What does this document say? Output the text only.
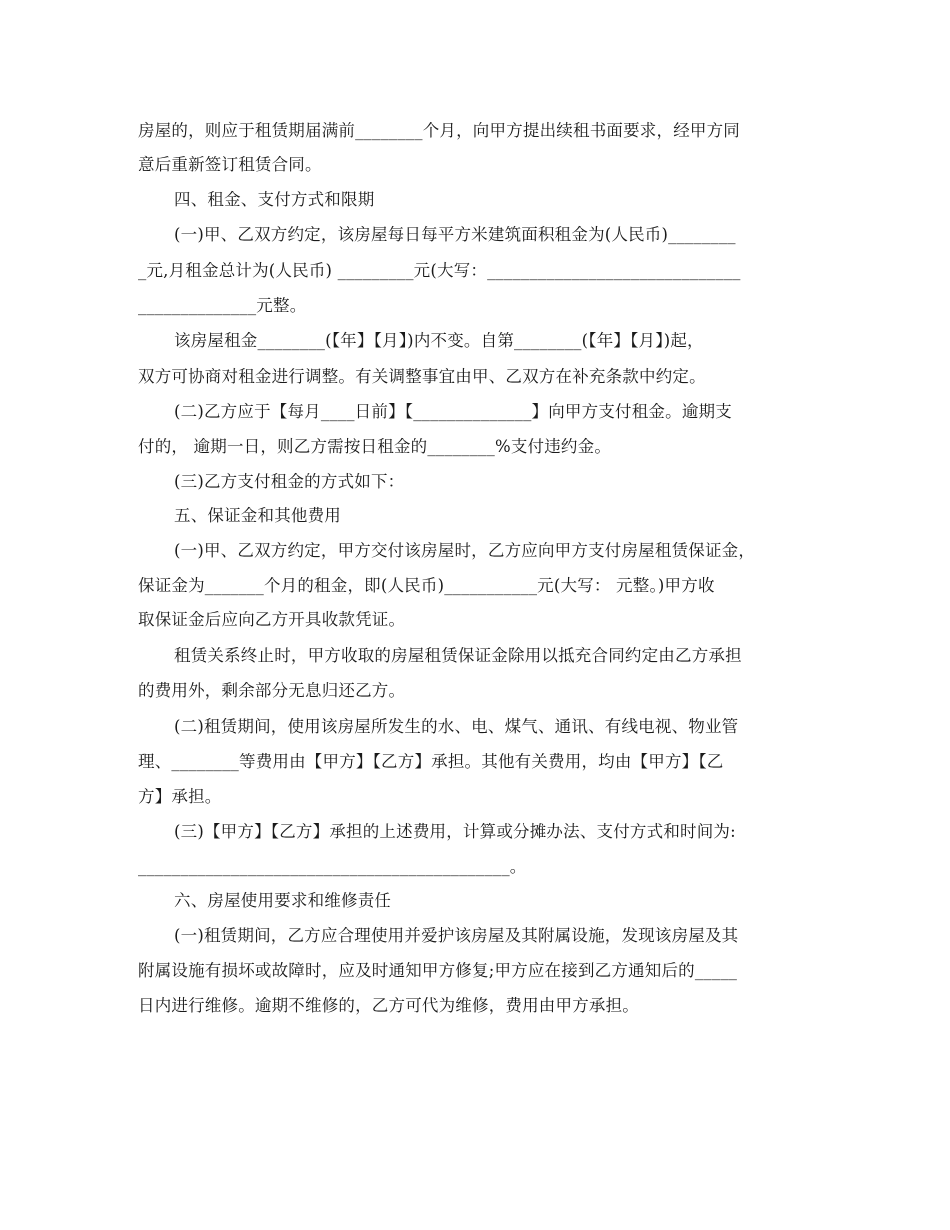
房屋的，则应于租赁期届满前________个月，向甲方提出续租书面要求，经甲方同
意后重新签订租赁合同。
四、租金、支付方式和限期
(一)甲、乙双方约定，该房屋每日每平方米建筑面积租金为(人民币)________
_元,月租金总计为(人民币) _________元(大写：______________________________
______________元整。
该房屋租金________(【年】【月】)内不变。自第________(【年】【月】)起，
双方可协商对租金进行调整。有关调整事宜由甲、乙双方在补充条款中约定。
(二)乙方应于【每月____日前】【______________】向甲方支付租金。逾期支
付的， 逾期一日，则乙方需按日租金的________%支付违约金。
(三)乙方支付租金的方式如下：
五、保证金和其他费用
(一)甲、乙双方约定，甲方交付该房屋时，乙方应向甲方支付房屋租赁保证金，
保证金为_______个月的租金，即(人民币)___________元(大写： 元整。)甲方收
取保证金后应向乙方开具收款凭证。
租赁关系终止时，甲方收取的房屋租赁保证金除用以抵充合同约定由乙方承担
的费用外，剩余部分无息归还乙方。
(二)租赁期间，使用该房屋所发生的水、电、煤气、通讯、有线电视、物业管
理、________等费用由【甲方】【乙方】承担。其他有关费用，均由【甲方】【乙
方】承担。
(三)【甲方】【乙方】承担的上述费用，计算或分摊办法、支付方式和时间为:
____________________________________________。
六、房屋使用要求和维修责任
(一)租赁期间，乙方应合理使用并爱护该房屋及其附属设施，发现该房屋及其
附属设施有损坏或故障时，应及时通知甲方修复;甲方应在接到乙方通知后的_____
日内进行维修。逾期不维修的，乙方可代为维修，费用由甲方承担。
